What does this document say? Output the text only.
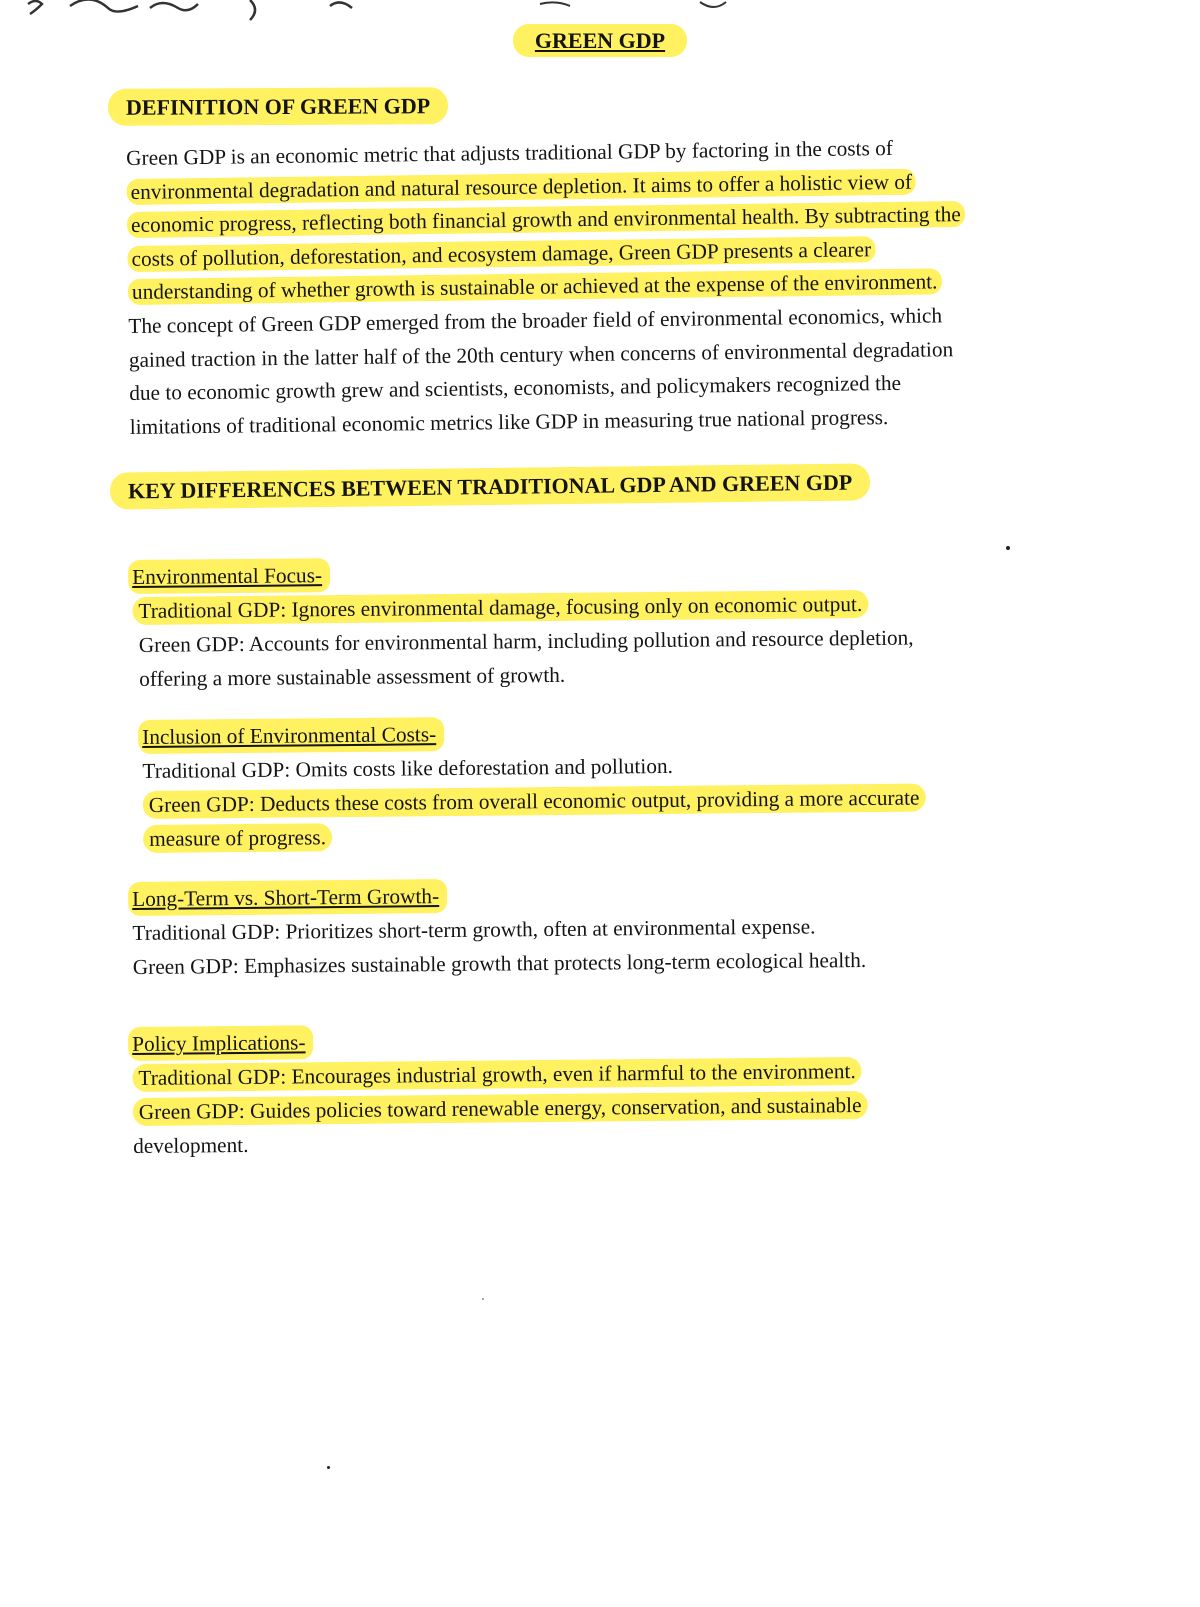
GREEN GDP
DEFINITION OF GREEN GDP
Green GDP is an economic metric that adjusts traditional GDP by factoring in the costs of
environmental degradation and natural resource depletion. It aims to offer a holistic view of
economic progress, reflecting both financial growth and environmental health. By subtracting the
costs of pollution, deforestation, and ecosystem damage, Green GDP presents a clearer
understanding of whether growth is sustainable or achieved at the expense of the environment.
The concept of Green GDP emerged from the broader field of environmental economics, which
gained traction in the latter half of the 20th century when concerns of environmental degradation
due to economic growth grew and scientists, economists, and policymakers recognized the
limitations of traditional economic metrics like GDP in measuring true national progress.
KEY DIFFERENCES BETWEEN TRADITIONAL GDP AND GREEN GDP

Environmental Focus-

Traditional GDP: Ignores environmental damage, focusing only on economic output.

Green GDP: Accounts for environmental harm, including pollution and resource depletion,

offering a more sustainable assessment of growth.

Inclusion of Environmental Costs-

Traditional GDP: Omits costs like deforestation and pollution.

Green GDP: Deducts these costs from overall economic output, providing a more accurate

measure of progress.

Long-Term vs. Short-Term Growth-

Traditional GDP: Prioritizes short-term growth, often at environmental expense.

Green GDP: Emphasizes sustainable growth that protects long-term ecological health.

Policy Implications-

Traditional GDP: Encourages industrial growth, even if harmful to the environment.

Green GDP: Guides policies toward renewable energy, conservation, and sustainable

development.
